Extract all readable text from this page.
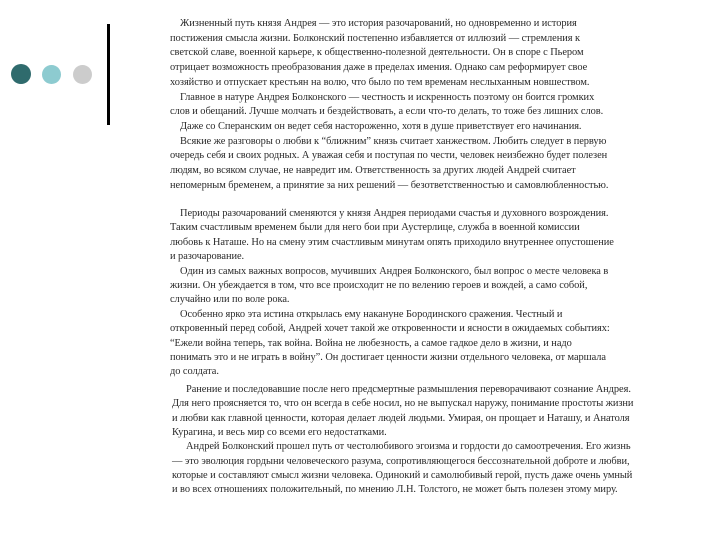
Жизненный путь князя Андрея — это история разочарований, но одновременно и история
постижения смысла жизни. Болконский постепенно избавляется от иллюзий — стремления к
светской славе, военной карьере, к общественно-полезной деятельности. Он в споре с Пьером
отрицает возможность преобразования даже в пределах имения. Однако сам реформирует свое
хозяйство и отпускает крестьян на волю, что было по тем временам неслыханным новшеством.
Главное в натуре Андрея Болконского — честность и искренность поэтому он боится громких
слов и обещаний. Лучше молчать и бездействовать, а если что-то делать, то тоже без лишних слов.
Даже со Сперанским он ведет себя настороженно, хотя в душе приветствует его начинания.
Всякие же разговоры о любви к “ближним” князь считает ханжеством. Любить следует в первую
очередь себя и своих родных. А уважая себя и поступая по чести, человек неизбежно будет полезен
людям, во всяком случае, не навредит им. Ответственность за других людей Андрей считает
непомерным бременем, а принятие за них решений — безответственностью и самовлюбленностью.
Периоды разочарований сменяются у князя Андрея периодами счастья и духовного возрождения.
Таким счастливым временем были для него бои при Аустерлице, служба в военной комиссии
любовь к Наташе. Но на смену этим счастливым минутам опять приходило внутреннее опустошение
и разочарование.
Один из самых важных вопросов, мучивших Андрея Болконского, был вопрос о месте человека в
жизни. Он убеждается в том, что все происходит не по велению героев и вождей, а само собой,
случайно или по воле рока.
Особенно ярко эта истина открылась ему накануне Бородинского сражения. Честный и
откровенный перед собой, Андрей хочет такой же откровенности и ясности в ожидаемых событиях:
“Ежели война теперь, так война. Война не любезность, а самое гадкое дело в жизни, и надо
понимать это и не играть в войну”. Он достигает ценности жизни отдельного человека, от маршала
до солдата.
Ранение и последовавшие после него предсмертные размышления переворачивают сознание Андрея.
Для него проясняется то, что он всегда в себе носил, но не выпускал наружу, понимание простоты жизни
и любви как главной ценности, которая делает людей людьми. Умирая, он прощает и Наташу, и Анатоля
Курагина, и весь мир со всеми его недостатками.
Андрей Болконский прошел путь от честолюбивого эгоизма и гордости до самоотречения. Его жизнь
— это эволюция гордыни человеческого разума, сопротивляющегося бессознательной доброте и любви,
которые и составляют смысл жизни человека. Одинокий и самолюбивый герой, пусть даже очень умный
и во всех отношениях положительный, по мнению Л.Н. Толстого, не может быть полезен этому миру.
